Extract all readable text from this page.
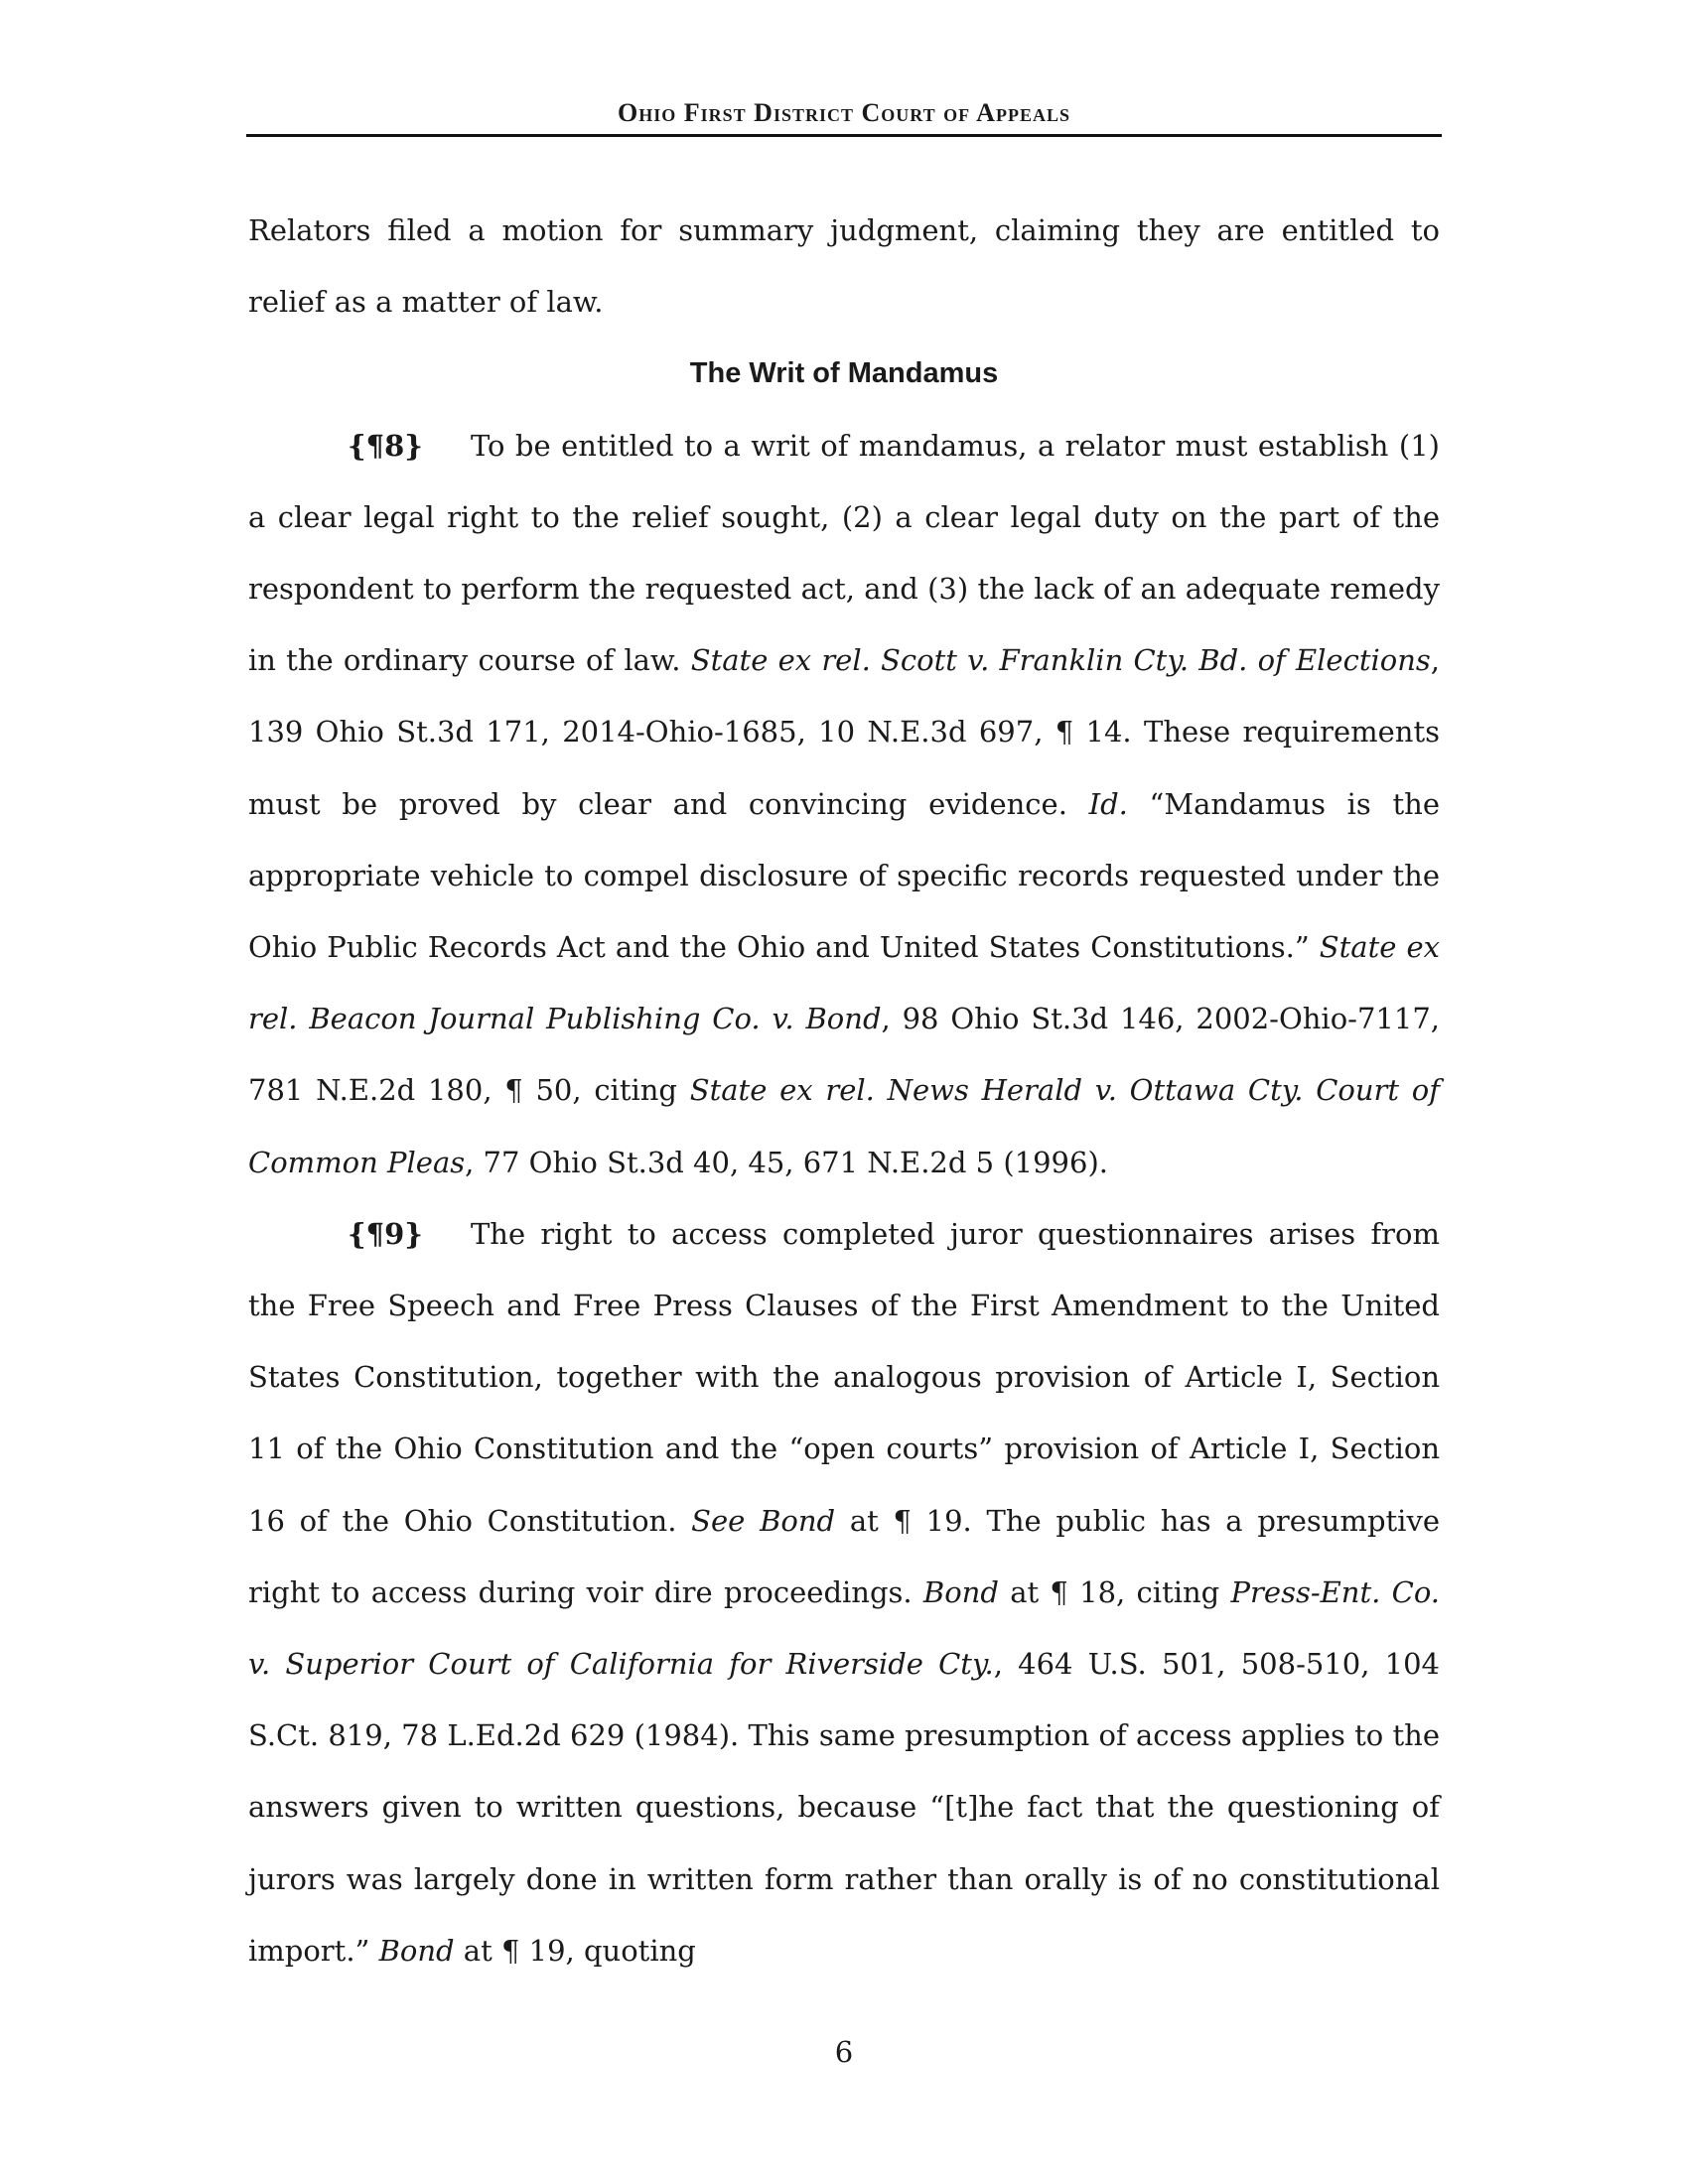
Ohio First District Court of Appeals

Relators filed a motion for summary judgment, claiming they are entitled to relief as a matter of law.

The Writ of Mandamus

{¶8} To be entitled to a writ of mandamus, a relator must establish (1) a clear legal right to the relief sought, (2) a clear legal duty on the part of the respondent to perform the requested act, and (3) the lack of an adequate remedy in the ordinary course of law. State ex rel. Scott v. Franklin Cty. Bd. of Elections, 139 Ohio St.3d 171, 2014-Ohio-1685, 10 N.E.3d 697, ¶ 14. These requirements must be proved by clear and convincing evidence. Id. “Mandamus is the appropriate vehicle to compel disclosure of specific records requested under the Ohio Public Records Act and the Ohio and United States Constitutions.” State ex rel. Beacon Journal Publishing Co. v. Bond, 98 Ohio St.3d 146, 2002-Ohio-7117, 781 N.E.2d 180, ¶ 50, citing State ex rel. News Herald v. Ottawa Cty. Court of Common Pleas, 77 Ohio St.3d 40, 45, 671 N.E.2d 5 (1996).

{¶9} The right to access completed juror questionnaires arises from the Free Speech and Free Press Clauses of the First Amendment to the United States Constitution, together with the analogous provision of Article I, Section 11 of the Ohio Constitution and the “open courts” provision of Article I, Section 16 of the Ohio Constitution. See Bond at ¶ 19. The public has a presumptive right to access during voir dire proceedings. Bond at ¶ 18, citing Press-Ent. Co. v. Superior Court of California for Riverside Cty., 464 U.S. 501, 508-510, 104 S.Ct. 819, 78 L.Ed.2d 629 (1984). This same presumption of access applies to the answers given to written questions, because “[t]he fact that the questioning of jurors was largely done in written form rather than orally is of no constitutional import.” Bond at ¶ 19, quoting

6
